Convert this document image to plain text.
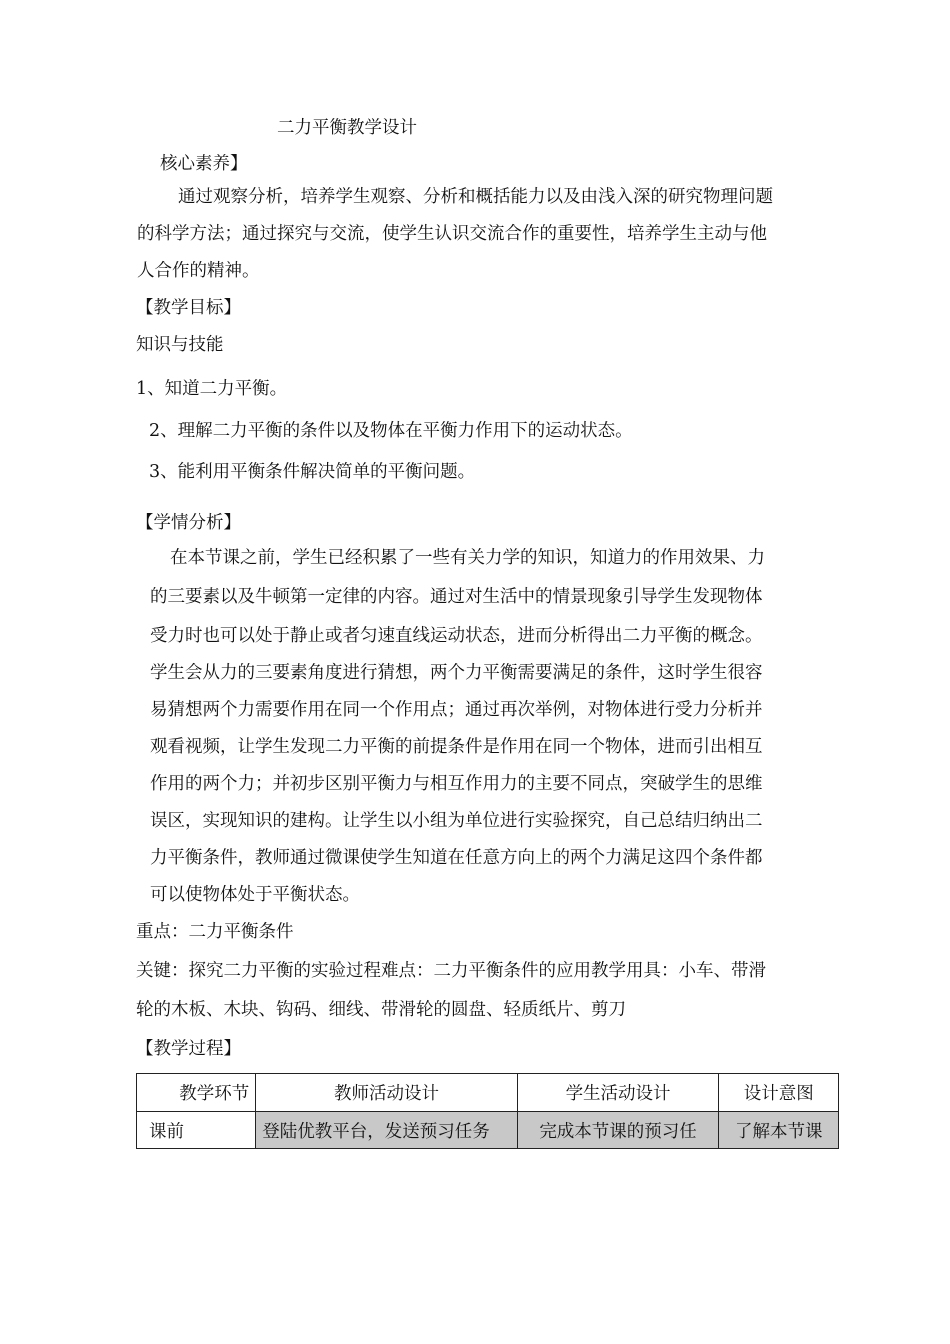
二力平衡教学设计
核心素养】
通过观察分析，培养学生观察、分析和概括能力以及由浅入深的研究物理问题
的科学方法；通过探究与交流，使学生认识交流合作的重要性，培养学生主动与他
人合作的精神。
【教学目标】
知识与技能
1、知道二力平衡。
2、理解二力平衡的条件以及物体在平衡力作用下的运动状态。
3、能利用平衡条件解决简单的平衡问题。
【学情分析】
在本节课之前，学生已经积累了一些有关力学的知识，知道力的作用效果、力
的三要素以及牛顿第一定律的内容。通过对生活中的情景现象引导学生发现物体
受力时也可以处于静止或者匀速直线运动状态，进而分析得出二力平衡的概念。
学生会从力的三要素角度进行猜想，两个力平衡需要满足的条件，这时学生很容
易猜想两个力需要作用在同一个作用点；通过再次举例，对物体进行受力分析并
观看视频，让学生发现二力平衡的前提条件是作用在同一个物体，进而引出相互
作用的两个力；并初步区别平衡力与相互作用力的主要不同点，突破学生的思维
误区，实现知识的建构。让学生以小组为单位进行实验探究，自己总结归纳出二
力平衡条件，教师通过微课使学生知道在任意方向上的两个力满足这四个条件都
可以使物体处于平衡状态。
重点：二力平衡条件
关键：探究二力平衡的实验过程难点：二力平衡条件的应用教学用具：小车、带滑
轮的木板、木块、钩码、细线、带滑轮的圆盘、轻质纸片、剪刀
【教学过程】
教学环节	教师活动设计	学生活动设计	设计意图
课前	登陆优教平台，发送预习任务	完成本节课的预习任	了解本节课
